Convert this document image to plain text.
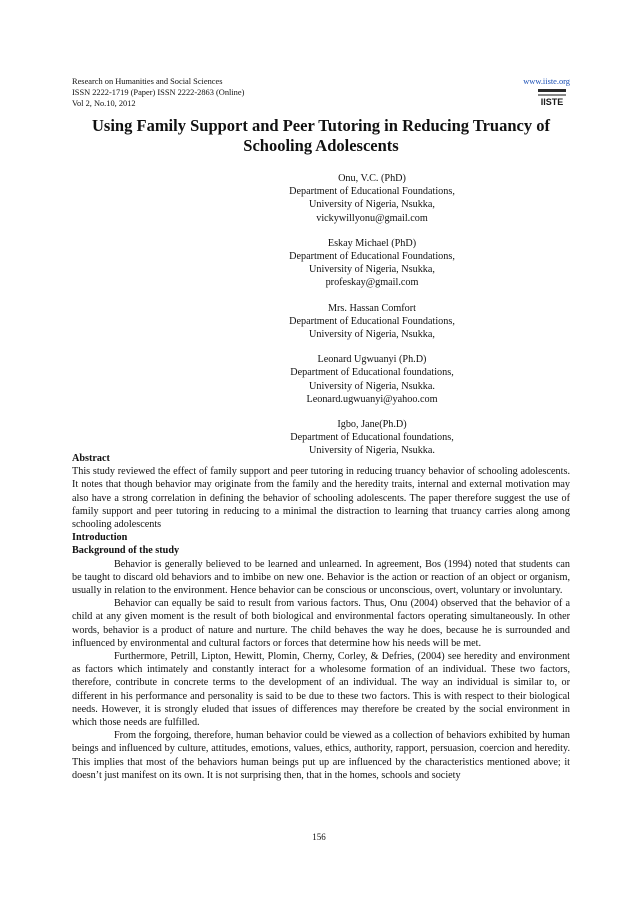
Research on Humanities and Social Sciences
ISSN 2222-1719 (Paper) ISSN 2222-2863 (Online)
Vol 2, No.10, 2012
www.iiste.org
IISTE
Using Family Support and Peer Tutoring in Reducing Truancy of Schooling Adolescents
Onu, V.C. (PhD)
Department of Educational Foundations,
University of Nigeria, Nsukka,
vickywillyonu@gmail.com
Eskay Michael (PhD)
Department of Educational Foundations,
University of Nigeria, Nsukka,
profeskay@gmail.com
Mrs. Hassan Comfort
Department of Educational Foundations,
University of Nigeria, Nsukka,
Leonard Ugwuanyi (Ph.D)
Department of Educational foundations,
University of Nigeria, Nsukka.
Leonard.ugwuanyi@yahoo.com
Igbo, Jane(Ph.D)
Department of Educational foundations,
University of Nigeria, Nsukka.

Abstract

This study reviewed the effect of family support and peer tutoring in reducing truancy behavior of schooling adolescents. It notes that though behavior may originate from the family and the heredity traits, internal and external motivation may also have a strong correlation in defining the behavior of schooling adolescents. The paper therefore suggest the use of family support and peer tutoring in reducing to a minimal the distraction to learning that truancy carries along among schooling adolescents

Introduction

Background of the study

Behavior is generally believed to be learned and unlearned. In agreement, Bos (1994) noted that students can be taught to discard old behaviors and to imbibe on new one. Behavior is the action or reaction of an object or organism, usually in relation to the environment. Hence behavior can be conscious or unconscious, overt, voluntary or involuntary.

Behavior can equally be said to result from various factors. Thus, Onu (2004) observed that the behavior of a child at any given moment is the result of both biological and environmental factors operating simultaneously. In other words, behavior is a product of nature and nurture. The child behaves the way he does, because he is surrounded and influenced by environmental and cultural factors or forces that determine how his needs will be met.

Furthermore, Petrill, Lipton, Hewitt, Plomin, Cherny, Corley, & Defries, (2004) see heredity and environment as factors which intimately and constantly interact for a wholesome formation of an individual. These two factors, therefore, contribute in concrete terms to the development of an individual. The way an individual is similar to, or different in his performance and personality is said to be due to these two factors. This is with respect to their biological needs. However, it is strongly eluded that issues of differences may therefore be created by the social environment in which those needs are fulfilled.

From the forgoing, therefore, human behavior could be viewed as a collection of behaviors exhibited by human beings and influenced by culture, attitudes, emotions, values, ethics, authority, rapport, persuasion, coercion and heredity. This implies that most of the behaviors human beings put up are influenced by the characteristics mentioned above; it doesn’t just manifest on its own. It is not surprising then, that in the homes, schools and society

156
